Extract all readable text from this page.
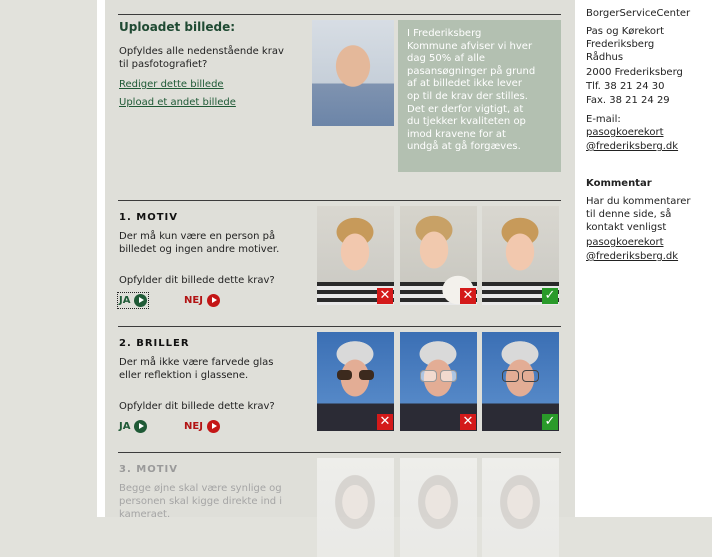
Uploadet billede:
Opfyldes alle nedenstående krav
til pasfotografiet?
Rediger dette billede
Upload et andet billede
I Frederiksberg
Kommune afviser vi hver
dag 50% af alle
pasansøgninger på grund
af at billedet ikke lever
op til de krav der stilles.
Det er derfor vigtigt, at
du tjekker kvaliteten op
imod kravene for at
undgå at gå forgæves.
1. MOTIV
Der må kun være en person på
billedet og ingen andre motiver.
Opfylder dit billede dette krav?
JA	NEJ	✕	✕	✓
2. BRILLER
Der må ikke være farvede glas
eller reflektion i glassene.
Opfylder dit billede dette krav?
JA	NEJ	✕	✕	✓
3. MOTIV
Begge øjne skal være synlige og
personen skal kigge direkte ind i
kameraet.
BorgerServiceCenter
Pas og Kørekort
Frederiksberg
Rådhus
2000 Frederiksberg
Tlf. 38 21 24 30
Fax. 38 21 24 29
E-mail:
pasogkoerekort
@frederiksberg.dk
Kommentar
Har du kommentarer
til denne side, så
kontakt venligst
pasogkoerekort
@frederiksberg.dk
